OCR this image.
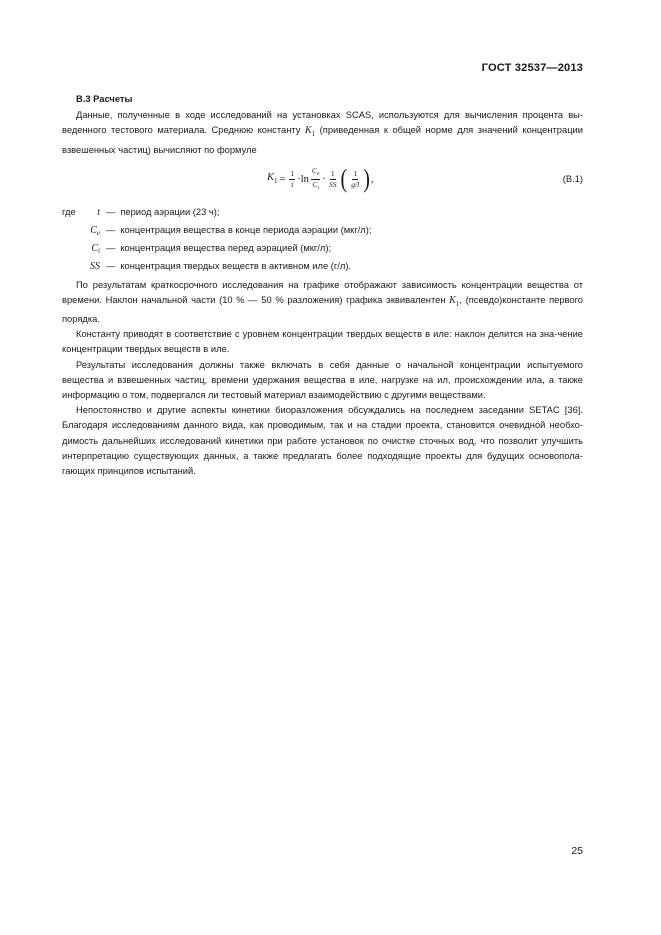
ГОСТ 32537—2013
В.3 Расчеты

Данные, полученные в ходе исследований на установках SCAS, используются для вычисления процента вы-веденного тестового материала. Среднюю константу $K_1$ (приведенная к общей норме для значений концентрации взвешенных частиц) вычисляют по формуле

$K_1 = \frac{1}{t} \cdot \ln \frac{C_e}{C_i} \cdot \frac{1}{SS}$ ( $\frac{1}{g/l}$ ) ,	(В.1)
где	t — период аэрации (23 ч);
$C_e$ — концентрация вещества в конце периода аэрации (мкг/л);
$C_i$ — концентрация вещества перед аэрацией (мкг/л);
SS — концентрация твердых веществ в активном иле (г/л).

По результатам краткосрочного исследования на графике отображают зависимость концентрации вещества от времени. Наклон начальной части (10 % — 50 % разложения) графика эквивалентен $K_1$, (псевдо)константе первого порядка.

Константу приводят в соответствие с уровнем концентрации твердых веществ в иле: наклон делится на зна-чение концентрации твердых веществ в иле.

Результаты исследования должны также включать в себя данные о начальной концентрации испытуемого вещества и взвешенных частиц, времени удержания вещества в иле, нагрузке на ил, происхождении ила, а также информацию о том, подвергался ли тестовый материал взаимодействию с другими веществами.

Непостоянство и другие аспекты кинетики биоразложения обсуждались на последнем заседании SETAC [36]. Благодаря исследованиям данного вида, как проводимым, так и на стадии проекта, становится очевидной необхо-димость дальнейших исследований кинетики при работе установок по очистке сточных вод, что позволит улучшить интерпретацию существующих данных, а также предлагать более подходящие проекты для будущих основопола-гающих принципов испытаний.

25
